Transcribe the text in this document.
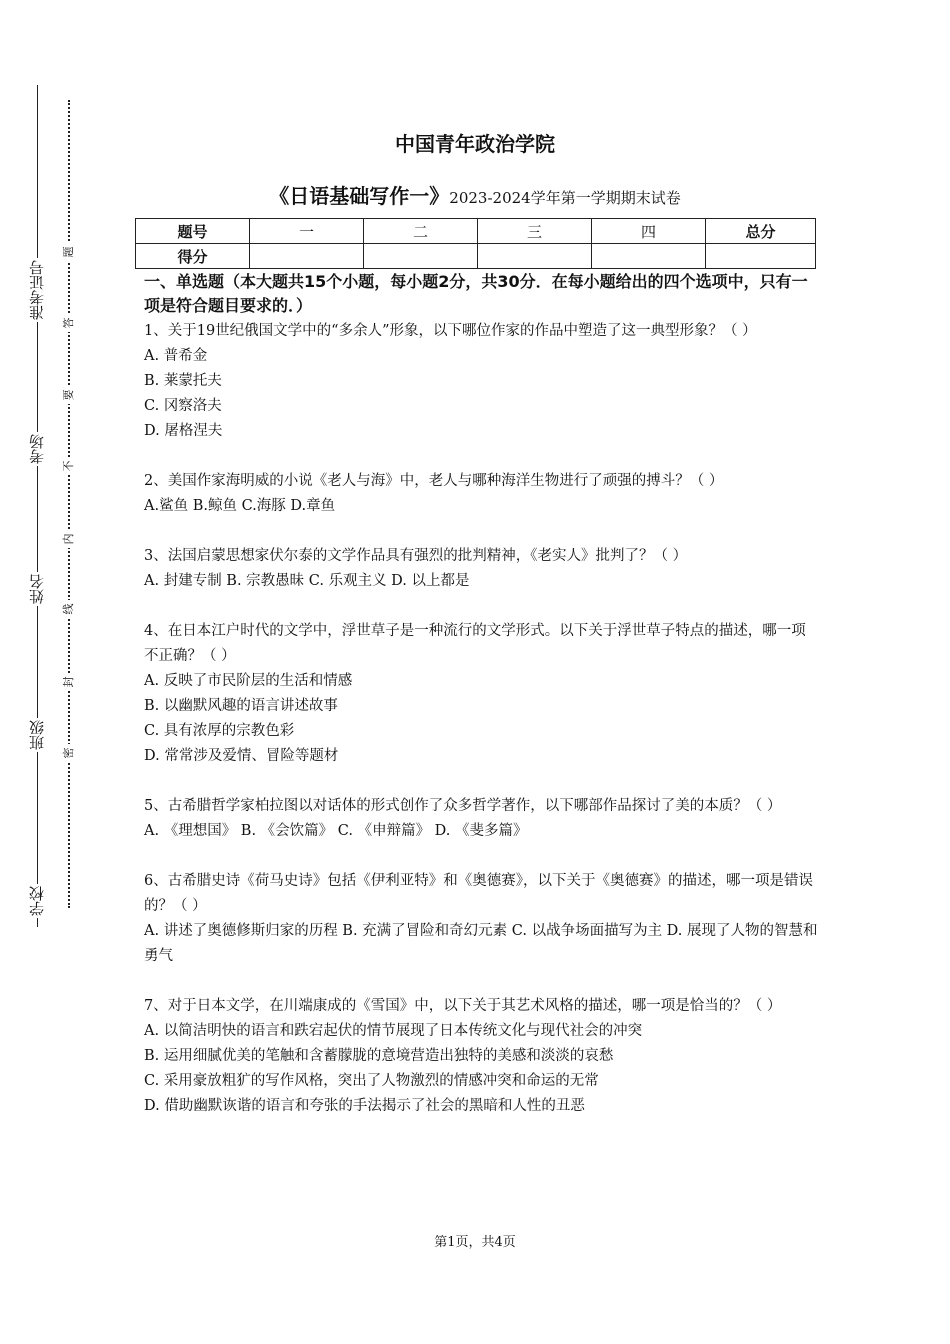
准考证号
考场
姓名
班级
学校
题
答
要
不
内
线
封
密
中国青年政治学院
《日语基础写作一》2023-2024学年第一学期期末试卷
题号	一	二	三	四	总分
得分					
一、单选题（本大题共15个小题，每小题2分，共30分．在每小题给出的四个选项中，只有一项是符合题目要求的．）
1、关于19世纪俄国文学中的“多余人”形象，以下哪位作家的作品中塑造了这一典型形象？（ ）
A. 普希金
B. 莱蒙托夫
C. 冈察洛夫
D. 屠格涅夫
2、美国作家海明威的小说《老人与海》中，老人与哪种海洋生物进行了顽强的搏斗？（ ）
A.鲨鱼 B.鲸鱼 C.海豚 D.章鱼
3、法国启蒙思想家伏尔泰的文学作品具有强烈的批判精神，《老实人》批判了？（ ）
A. 封建专制 B. 宗教愚昧 C. 乐观主义 D. 以上都是
4、在日本江户时代的文学中，浮世草子是一种流行的文学形式。以下关于浮世草子特点的描述，哪一项不正确？（ ）
A. 反映了市民阶层的生活和情感
B. 以幽默风趣的语言讲述故事
C. 具有浓厚的宗教色彩
D. 常常涉及爱情、冒险等题材
5、古希腊哲学家柏拉图以对话体的形式创作了众多哲学著作，以下哪部作品探讨了美的本质？（ ）
A. 《理想国》 B. 《会饮篇》 C. 《申辩篇》 D. 《斐多篇》
6、古希腊史诗《荷马史诗》包括《伊利亚特》和《奥德赛》，以下关于《奥德赛》的描述，哪一项是错误的？（ ）
A. 讲述了奥德修斯归家的历程 B. 充满了冒险和奇幻元素 C. 以战争场面描写为主 D. 展现了人物的智慧和勇气
7、对于日本文学，在川端康成的《雪国》中，以下关于其艺术风格的描述，哪一项是恰当的？（ ）
A. 以简洁明快的语言和跌宕起伏的情节展现了日本传统文化与现代社会的冲突
B. 运用细腻优美的笔触和含蓄朦胧的意境营造出独特的美感和淡淡的哀愁
C. 采用豪放粗犷的写作风格，突出了人物激烈的情感冲突和命运的无常
D. 借助幽默诙谐的语言和夸张的手法揭示了社会的黑暗和人性的丑恶
第1页，共4页
